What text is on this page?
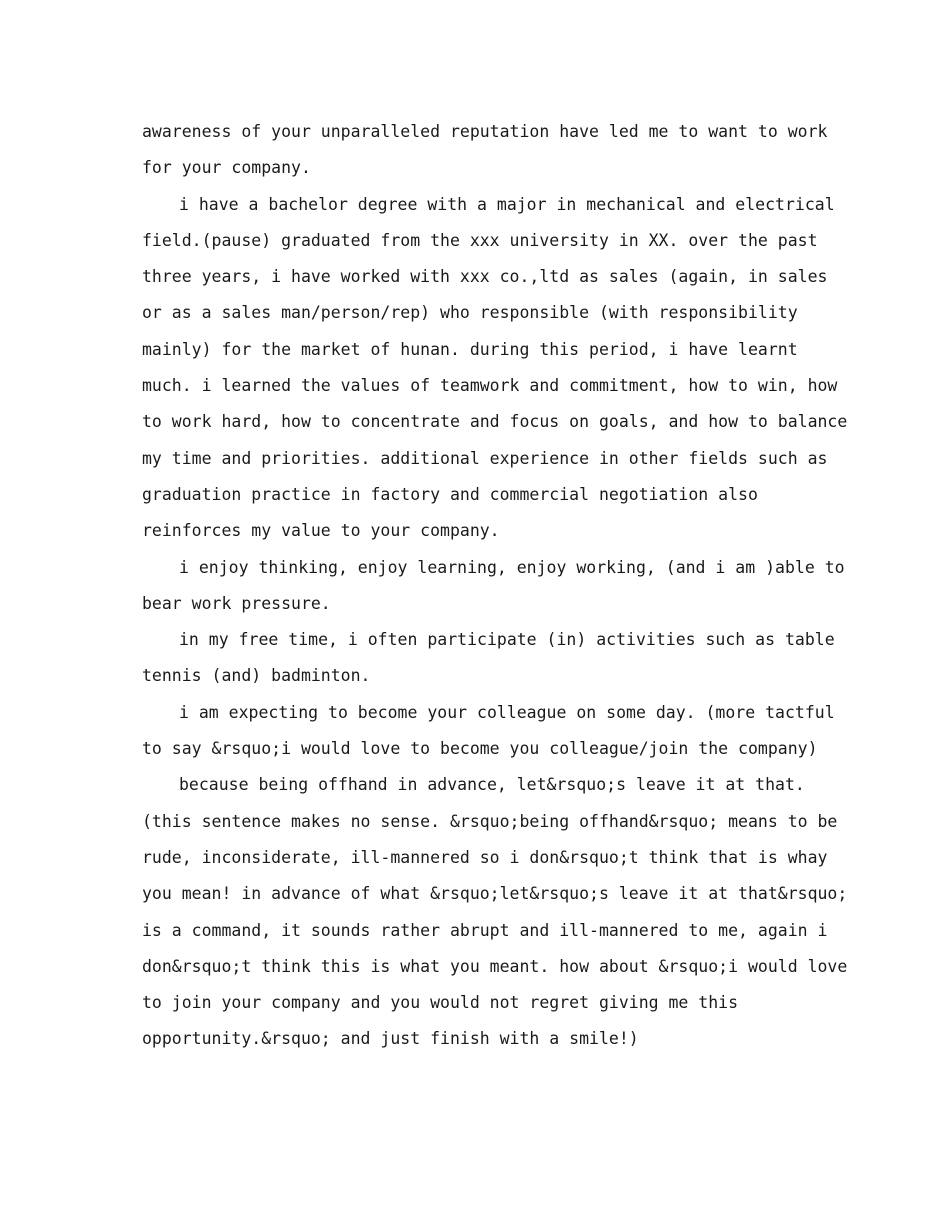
awareness of your unparalleled reputation have led me to want to work
for your company.

i have a bachelor degree with a major in mechanical and electrical
field.(pause) graduated from the xxx university in XX. over the past
three years, i have worked with xxx co.,ltd as sales (again, in sales
or as a sales man/person/rep) who responsible (with responsibility
mainly) for the market of hunan. during this period, i have learnt
much. i learned the values of teamwork and commitment, how to win, how
to work hard, how to concentrate and focus on goals, and how to balance
my time and priorities. additional experience in other fields such as
graduation practice in factory and commercial negotiation also
reinforces my value to your company.

i enjoy thinking, enjoy learning, enjoy working, (and i am )able to
bear work pressure.

in my free time, i often participate (in) activities such as table
tennis (and) badminton.

i am expecting to become your colleague on some day. (more tactful
to say &rsquo;i would love to become you colleague/join the company)

because being offhand in advance, let&rsquo;s leave it at that.
(this sentence makes no sense. &rsquo;being offhand&rsquo; means to be
rude, inconsiderate, ill-mannered so i don&rsquo;t think that is whay
you mean! in advance of what &rsquo;let&rsquo;s leave it at that&rsquo;
is a command, it sounds rather abrupt and ill-mannered to me, again i
don&rsquo;t think this is what you meant. how about &rsquo;i would love
to join your company and you would not regret giving me this
opportunity.&rsquo; and just finish with a smile!)
